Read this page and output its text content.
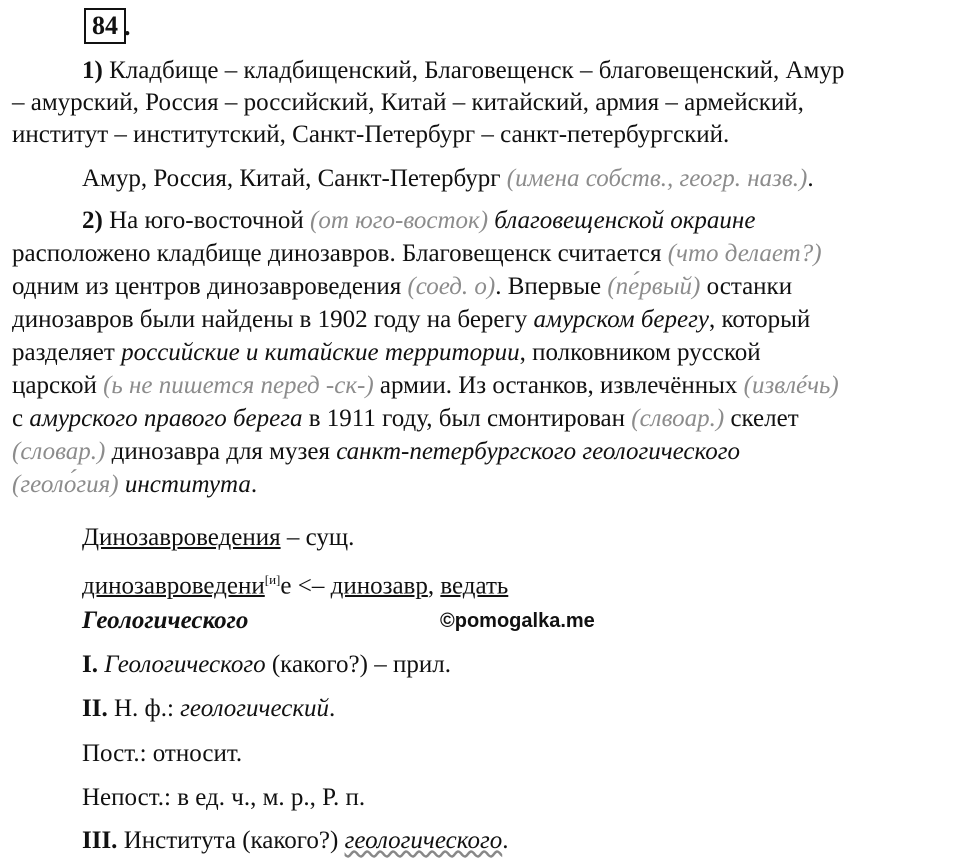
84 .
1) Кладбище – кладбищенский, Благовещенск – благовещенский, Амур
– амурский, Россия – российский, Китай – китайский, армия – армейский,
институт – институтский, Санкт-Петербург – санкт-петербургский.
Амур, Россия, Китай, Санкт-Петербург (имена собств., геогр. назв.).
2) На юго-восточной (от юго-восток) благовещенской окраине
расположено кладбище динозавров. Благовещенск считается (что делает?)
одним из центров динозавроведения (соед. о). Впервые (пе́рвый) останки
динозавров были найдены в 1902 году на берегу амурском берегу, который
разделяет российские и китайские территории, полковником русской
царской (ь не пишется перед -ск-) армии. Из останков, извлечённых (извлéчь)
с амурского правого берега в 1911 году, был смонтирован (слвоар.) скелет
(словар.) динозавра для музея санкт-петербургского геологического
(геоло́гия) института.
Динозавроведения – сущ.
динозавроведени[и]е <– динозавр, ведать
Геологического	©pomogalka.me
I. Геологического (какого?) – прил.
II. Н. ф.: геологический.
Пост.: относит.
Непост.: в ед. ч., м. р., Р. п.
III. Института (какого?) геологического.
